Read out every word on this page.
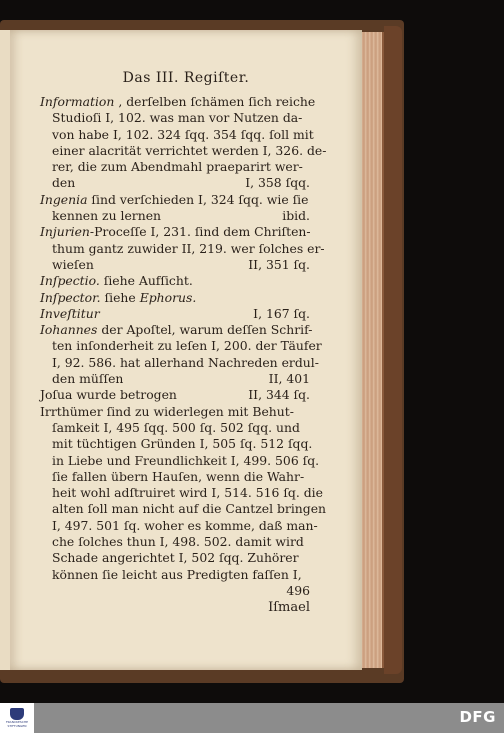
Das III. Regiſter.
Information , derſelben ſchämen ſich reiche
Studioſi I, 102. was man vor Nutzen da-
von habe I, 102. 324 ſqq. 354 ſqq. ſoll mit
einer alacrität verrichtet werden I, 326. de-
rer, die zum Abendmahl praeparirt wer-
den	I, 358 ſqq.
Ingenia ſind verſchieden I, 324 ſqq. wie ſie
kennen zu lernen	ibid.
Injurien-Proceſſe I, 231. ſind dem Chriſten-
thum gantz zuwider II, 219. wer ſolches er-
wieſen	II, 351 ſq.
Inſpectio. ſiehe Aufſicht.
Inſpector. ſiehe Ephorus.
Inveſtitur	I, 167 ſq.
Iohannes der Apoſtel, warum deſſen Schrif-
ten inſonderheit zu leſen I, 200. der Täufer
I, 92. 586. hat allerhand Nachreden erdul-
den müſſen	II, 401
Joſua wurde betrogen	II, 344 ſq.
Irrthümer ſind zu widerlegen mit Behut-
ſamkeit I, 495 ſqq. 500 ſq. 502 ſqq. und
mit tüchtigen Gründen I, 505 ſq. 512 ſqq.
in Liebe und Freundlichkeit I, 499. 506 ſq.
ſie fallen übern Hauſen, wenn die Wahr-
heit wohl adſtruiret wird I, 514. 516 ſq. die
alten ſoll man nicht auf die Cantzel bringen
I, 497. 501 ſq. woher es komme, daß man-
che ſolches thun I, 498. 502. damit wird
Schade angerichtet I, 502 ſqq. Zuhörer
können ſie leicht aus Predigten faſſen I,
496
Iſmael
FRANCKESCHE STIFTUNGEN	DFG
